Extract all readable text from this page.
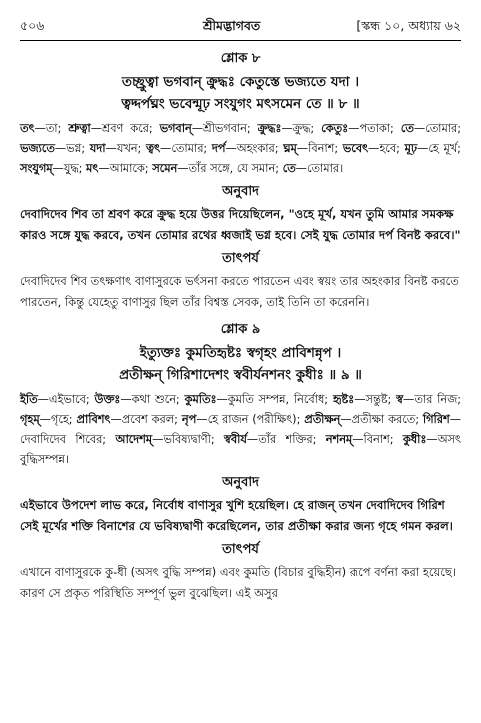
৫০৬	শ্রীমদ্ভাগবত	[স্কন্ধ ১০, অধ্যায় ৬২
শ্লোক ৮
তচ্ছ্রুত্বা ভগবান্ ক্রুদ্ধঃ কেতুস্তে ভজ্যতে যদা ।
ত্বদ্দর্পঘ্নং ভবেন্মূঢ় সংযুগং মৎসমেন তে ॥ ৮ ॥
তৎ—তা; শ্রুত্বা—শ্রবণ করে; ভগবান্—শ্রীভগবান; ক্রুদ্ধঃ—ক্রুদ্ধ; কেতুঃ—পতাকা; তে—তোমার; ভজ্যতে—ভগ্ন; যদা—যখন; ত্বৎ—তোমার; দর্প—অহংকার; ঘ্নম্—বিনাশ; ভবেৎ—হবে; মূঢ়—হে মূর্খ; সংযুগম্—যুদ্ধ; মৎ—আমাকে; সমেন—তাঁর সঙ্গে, যে সমান; তে—তোমার।
অনুবাদ
দেবাদিদেব শিব তা শ্রবণ করে ক্রুদ্ধ হয়ে উত্তর দিয়েছিলেন, "ওহে মূর্খ, যখন তুমি আমার সমকক্ষ কারও সঙ্গে যুদ্ধ করবে, তখন তোমার রথের ধ্বজাই ভগ্ন হবে। সেই যুদ্ধ তোমার দর্প বিনষ্ট করবে।"
তাৎপর্য
দেবাদিদেব শিব তৎক্ষণাৎ বাণাসুরকে ভর্ৎসনা করতে পারতেন এবং স্বয়ং তার অহংকার বিনষ্ট করতে পারতেন, কিন্তু যেহেতু বাণাসুর ছিল তাঁর বিশ্বস্ত সেবক, তাই তিনি তা করেননি।
শ্লোক ৯
ইত্যুক্তঃ কুমতিহৃষ্টঃ স্বগৃহং প্রাবিশন্নৃপ ।
প্রতীক্ষন্ গিরিশাদেশং স্ববীর্যনশনং কুধীঃ ॥ ৯ ॥
ইতি—এইভাবে; উক্তঃ—কথা শুনে; কুমতিঃ—কুমতি সম্পন্ন, নির্বোধ; হৃষ্টঃ—সন্তুষ্ট; স্ব—তার নিজ; গৃহম্—গৃহে; প্রাবিশৎ—প্রবেশ করল; নৃপ—হে রাজন (পরীক্ষিৎ); প্রতীক্ষন্—প্রতীক্ষা করতে; গিরিশ—দেবাদিদেব শিবের; আদেশম্—ভবিষ্যদ্বাণী; স্ববীর্য—তাঁর শক্তির; নশনম্—বিনাশ; কুধীঃ—অসৎ বুদ্ধিসম্পন্ন।
অনুবাদ
এইভাবে উপদেশ লাভ করে, নির্বোধ বাণাসুর খুশি হয়েছিল। হে রাজন্ তখন দেবাদিদেব গিরিশ সেই মূর্খের শক্তি বিনাশের যে ভবিষ্যদ্বাণী করেছিলেন, তার প্রতীক্ষা করার জন্য গৃহে গমন করল।
তাৎপর্য
এখানে বাণাসুরকে কু-ধী (অসৎ বুদ্ধি সম্পন্ন) এবং কুমতি (বিচার বুদ্ধিহীন) রূপে বর্ণনা করা হয়েছে। কারণ সে প্রকৃত পরিস্থিতি সম্পূর্ণ ভুল বুঝেছিল। এই অসুর
